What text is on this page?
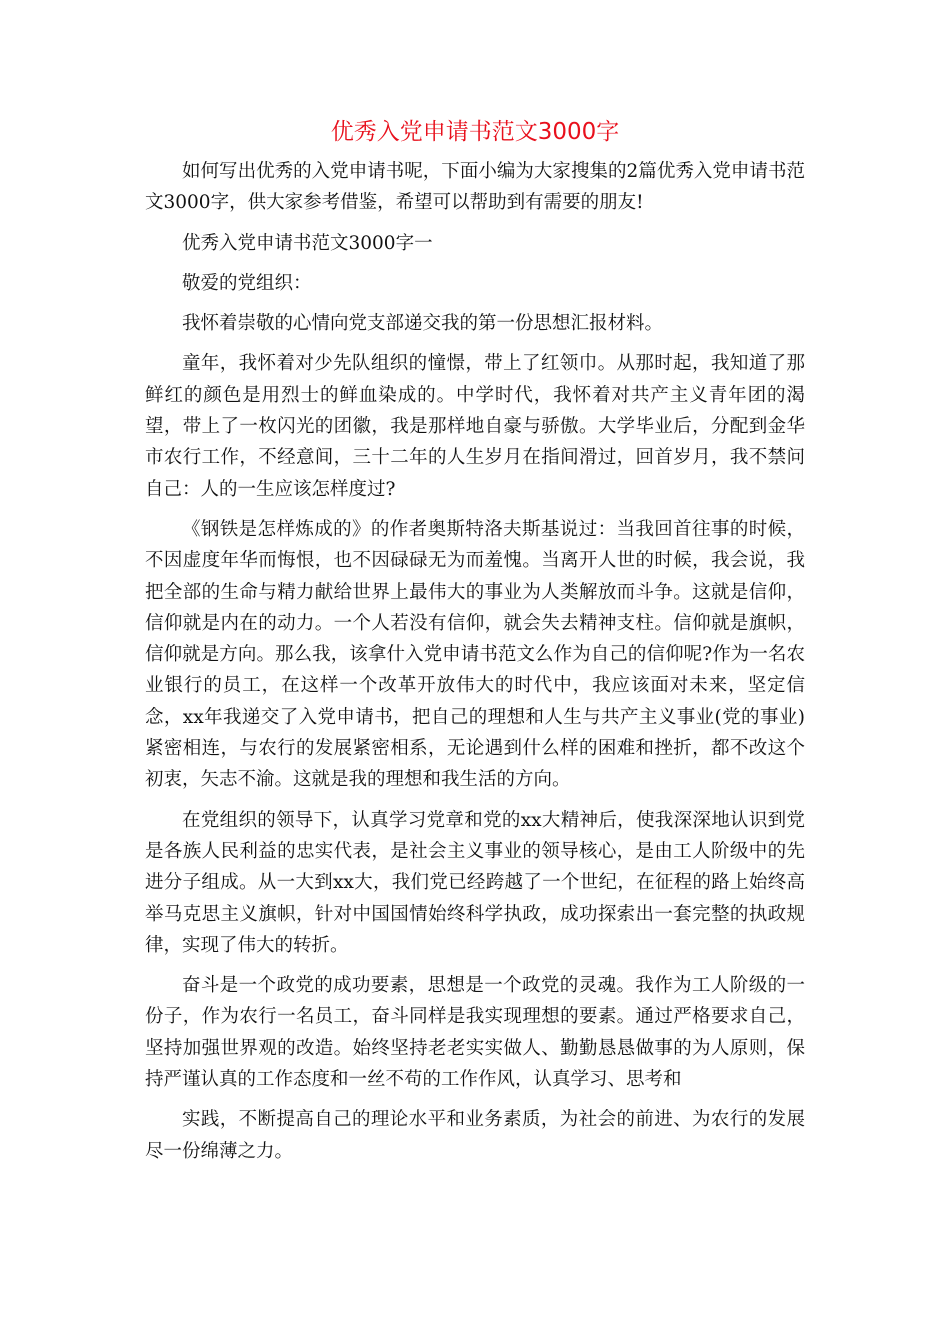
优秀入党申请书范文3000字

如何写出优秀的入党申请书呢，下面小编为大家搜集的2篇优秀入党申请书范文3000字，供大家参考借鉴，希望可以帮助到有需要的朋友!

优秀入党申请书范文3000字一

敬爱的党组织：

我怀着崇敬的心情向党支部递交我的第一份思想汇报材料。

童年，我怀着对少先队组织的憧憬，带上了红领巾。从那时起，我知道了那鲜红的颜色是用烈士的鲜血染成的。中学时代，我怀着对共产主义青年团的渴望，带上了一枚闪光的团徽，我是那样地自豪与骄傲。大学毕业后，分配到金华市农行工作，不经意间，三十二年的人生岁月在指间滑过，回首岁月，我不禁问自己：人的一生应该怎样度过?

《钢铁是怎样炼成的》的作者奥斯特洛夫斯基说过：当我回首往事的时候，不因虚度年华而悔恨，也不因碌碌无为而羞愧。当离开人世的时候，我会说，我把全部的生命与精力献给世界上最伟大的事业为人类解放而斗争。这就是信仰，信仰就是内在的动力。一个人若没有信仰，就会失去精神支柱。信仰就是旗帜，信仰就是方向。那么我，该拿什入党申请书范文么作为自己的信仰呢?作为一名农业银行的员工，在这样一个改革开放伟大的时代中，我应该面对未来，坚定信念，xx年我递交了入党申请书，把自己的理想和人生与共产主义事业(党的事业)紧密相连，与农行的发展紧密相系，无论遇到什么样的困难和挫折，都不改这个初衷，矢志不渝。这就是我的理想和我生活的方向。

在党组织的领导下，认真学习党章和党的xx大精神后，使我深深地认识到党是各族人民利益的忠实代表，是社会主义事业的领导核心，是由工人阶级中的先进分子组成。从一大到xx大，我们党已经跨越了一个世纪，在征程的路上始终高举马克思主义旗帜，针对中国国情始终科学执政，成功探索出一套完整的执政规律，实现了伟大的转折。

奋斗是一个政党的成功要素，思想是一个政党的灵魂。我作为工人阶级的一份子，作为农行一名员工，奋斗同样是我实现理想的要素。通过严格要求自己，坚持加强世界观的改造。始终坚持老老实实做人、勤勤恳恳做事的为人原则，保持严谨认真的工作态度和一丝不苟的工作作风，认真学习、思考和

实践，不断提高自己的理论水平和业务素质，为社会的前进、为农行的发展尽一份绵薄之力。
